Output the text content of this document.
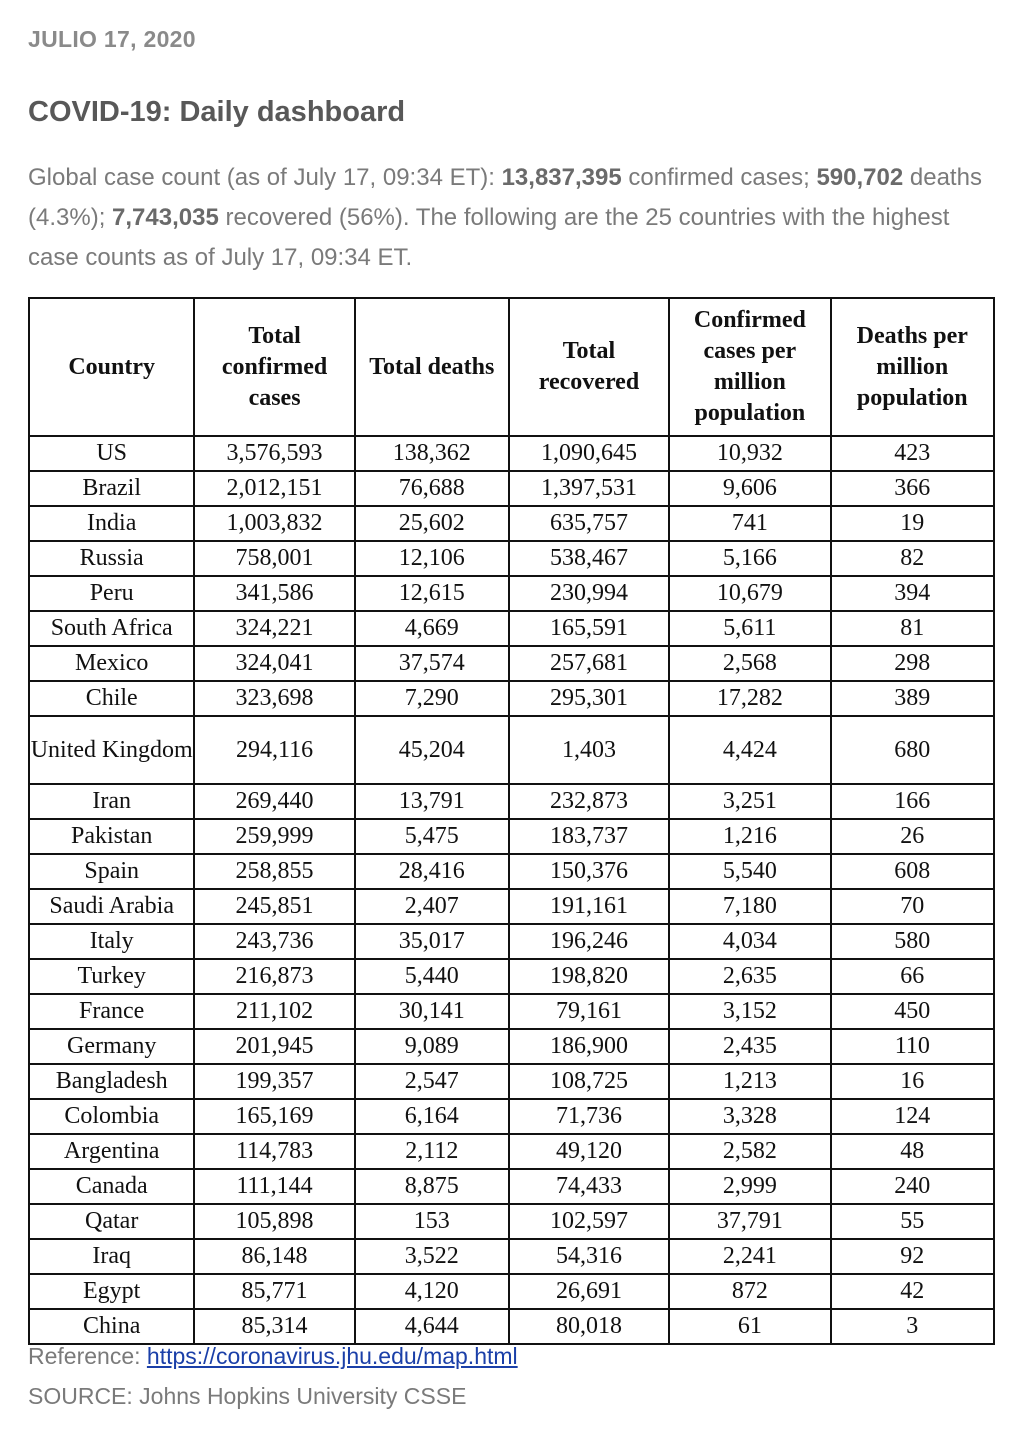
JULIO 17, 2020
COVID-19: Daily dashboard

Global case count (as of July 17, 09:34 ET): 13,837,395 confirmed cases; 590,702 deaths (4.3%); 7,743,035 recovered (56%). The following are the 25 countries with the highest case counts as of July 17, 09:34 ET.

Country	Total confirmed cases	Total deaths	Total recovered	Confirmed cases per million population	Deaths per million population
US	3,576,593	138,362	1,090,645	10,932	423
Brazil	2,012,151	76,688	1,397,531	9,606	366
India	1,003,832	25,602	635,757	741	19
Russia	758,001	12,106	538,467	5,166	82
Peru	341,586	12,615	230,994	10,679	394
South Africa	324,221	4,669	165,591	5,611	81
Mexico	324,041	37,574	257,681	2,568	298
Chile	323,698	7,290	295,301	17,282	389
United Kingdom	294,116	45,204	1,403	4,424	680
Iran	269,440	13,791	232,873	3,251	166
Pakistan	259,999	5,475	183,737	1,216	26
Spain	258,855	28,416	150,376	5,540	608
Saudi Arabia	245,851	2,407	191,161	7,180	70
Italy	243,736	35,017	196,246	4,034	580
Turkey	216,873	5,440	198,820	2,635	66
France	211,102	30,141	79,161	3,152	450
Germany	201,945	9,089	186,900	2,435	110
Bangladesh	199,357	2,547	108,725	1,213	16
Colombia	165,169	6,164	71,736	3,328	124
Argentina	114,783	2,112	49,120	2,582	48
Canada	111,144	8,875	74,433	2,999	240
Qatar	105,898	153	102,597	37,791	55
Iraq	86,148	3,522	54,316	2,241	92
Egypt	85,771	4,120	26,691	872	42
China	85,314	4,644	80,018	61	3
Reference: https://coronavirus.jhu.edu/map.html
SOURCE: Johns Hopkins University CSSE
